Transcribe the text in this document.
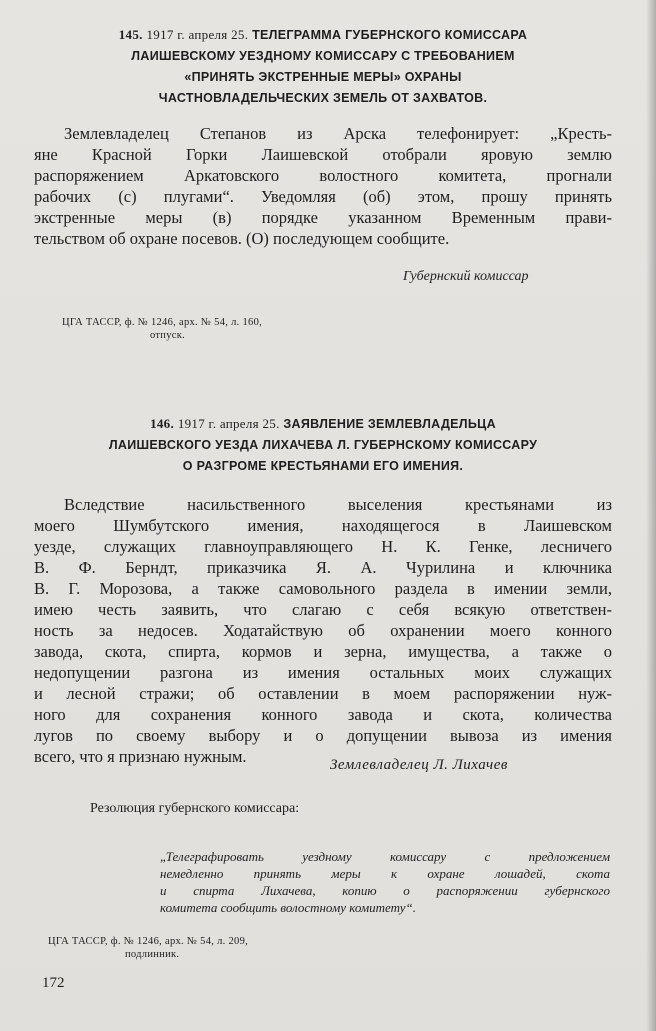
145. 1917 г. апреля 25. ТЕЛЕГРАММА ГУБЕРНСКОГО КОМИССАРА
ЛАИШЕВСКОМУ УЕЗДНОМУ КОМИССАРУ С ТРЕБОВАНИЕМ
«ПРИНЯТЬ ЭКСТРЕННЫЕ МЕРЫ» ОХРАНЫ
ЧАСТНОВЛАДЕЛЬЧЕСКИХ ЗЕМЕЛЬ ОТ ЗАХВАТОВ.
Землевладелец Степанов из Арска телефонирует: „Кресть-
яне Красной Горки Лаишевской отобрали яровую землю
распоряжением Аркатовского волостного комитета, прогнали
рабочих (с) плугами“. Уведомляя (об) этом, прошу принять
экстренные меры (в) порядке указанном Временным прави-
тельством об охране посевов. (О) последующем сообщите.
Губернский комиссар
ЦГА ТАССР, ф. № 1246, арх. № 54, л. 160,
отпуск.
146. 1917 г. апреля 25. ЗАЯВЛЕНИЕ ЗЕМЛЕВЛАДЕЛЬЦА
ЛАИШЕВСКОГО УЕЗДА ЛИХАЧЕВА Л. ГУБЕРНСКОМУ КОМИССАРУ
О РАЗГРОМЕ КРЕСТЬЯНАМИ ЕГО ИМЕНИЯ.
Вследствие насильственного выселения крестьянами из
моего Шумбутского имения, находящегося в Лаишевском
уезде, служащих главноуправляющего Н. К. Генке, лесничего
В. Ф. Берндт, приказчика Я. А. Чурилина и ключника
В. Г. Морозова, а также самовольного раздела в имении земли,
имею честь заявить, что слагаю с себя всякую ответствен-
ность за недосев. Ходатайствую об охранении моего конного
завода, скота, спирта, кормов и зерна, имущества, а также о
недопущении разгона из имения остальных моих служащих
и лесной стражи; об оставлении в моем распоряжении нуж-
ного для сохранения конного завода и скота, количества
лугов по своему выбору и о допущении вывоза из имения
всего, что я признаю нужным.	Землевладелец Л. Лихачев
Резолюция губернского комиссара:
„Телеграфировать уездному комиссару с предложением
немедленно принять меры к охране лошадей, скота
и спирта Лихачева, копию о распоряжении губернского
комитета сообщить волостному комитету“.
ЦГА ТАССР, ф. № 1246, арх. № 54, л. 209,
подлинник.
172
